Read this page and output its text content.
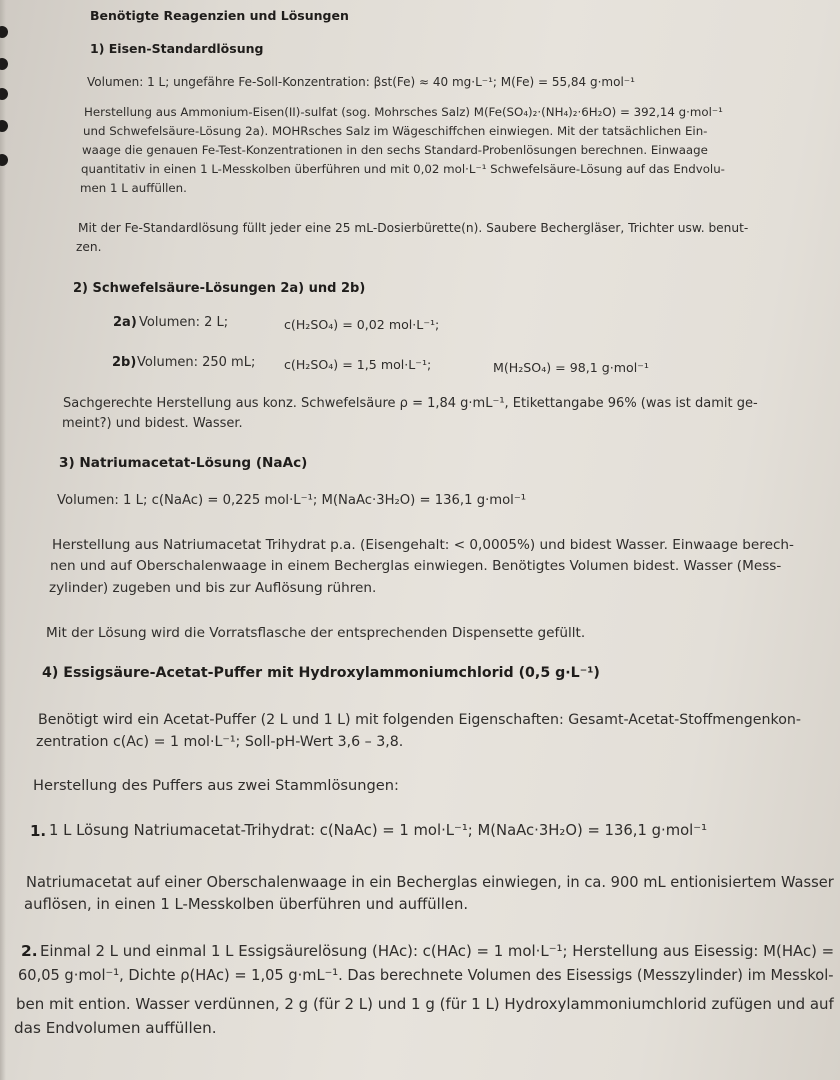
Benötigte Reagenzien und Lösungen
1) Eisen-Standardlösung
Volumen: 1 L; ungefähre Fe-Soll-Konzentration: βst(Fe) ≈ 40 mg·L⁻¹; M(Fe) = 55,84 g·mol⁻¹
Herstellung aus Ammonium-Eisen(II)-sulfat (sog. Mohrsches Salz) M(Fe(SO₄)₂·(NH₄)₂·6H₂O) = 392,14 g·mol⁻¹
und Schwefelsäure-Lösung 2a). MOHRsches Salz im Wägeschiffchen einwiegen. Mit der tatsächlichen Ein-
waage die genauen Fe-Test-Konzentrationen in den sechs Standard-Probenlösungen berechnen. Einwaage
quantitativ in einen 1 L-Messkolben überführen und mit 0,02 mol·L⁻¹ Schwefelsäure-Lösung auf das Endvolu-
men 1 L auffüllen.
Mit der Fe-Standardlösung füllt jeder eine 25 mL-Dosierbürette(n). Saubere Bechergläser, Trichter usw. benut-
zen.
2) Schwefelsäure-Lösungen 2a) und 2b)
2a) Volumen: 2 L;	c(H₂SO₄) = 0,02 mol·L⁻¹;
2b) Volumen: 250 mL; c(H₂SO₄) = 1,5 mol·L⁻¹;	M(H₂SO₄) = 98,1 g·mol⁻¹
Sachgerechte Herstellung aus konz. Schwefelsäure ρ = 1,84 g·mL⁻¹, Etikettangabe 96% (was ist damit ge-
meint?) und bidest. Wasser.
3) Natriumacetat-Lösung (NaAc)
Volumen: 1 L; c(NaAc) = 0,225 mol·L⁻¹; M(NaAc·3H₂O) = 136,1 g·mol⁻¹
Herstellung aus Natriumacetat Trihydrat p.a. (Eisengehalt: < 0,0005%) und bidest Wasser. Einwaage berech-
nen und auf Oberschalenwaage in einem Becherglas einwiegen. Benötigtes Volumen bidest. Wasser (Mess-
zylinder) zugeben und bis zur Auflösung rühren.
Mit der Lösung wird die Vorratsflasche der entsprechenden Dispensette gefüllt.
4) Essigsäure-Acetat-Puffer mit Hydroxylammoniumchlorid (0,5 g·L⁻¹)
Benötigt wird ein Acetat-Puffer (2 L und 1 L) mit folgenden Eigenschaften: Gesamt-Acetat-Stoffmengenkon-
zentration c(Ac) = 1 mol·L⁻¹; Soll-pH-Wert 3,6 – 3,8.
Herstellung des Puffers aus zwei Stammlösungen:
1. 1 L Lösung Natriumacetat-Trihydrat: c(NaAc) = 1 mol·L⁻¹; M(NaAc·3H₂O) = 136,1 g·mol⁻¹
Natriumacetat auf einer Oberschalenwaage in ein Becherglas einwiegen, in ca. 900 mL entionisiertem Wasser
auflösen, in einen 1 L-Messkolben überführen und auffüllen.
2. Einmal 2 L und einmal 1 L Essigsäurelösung (HAc): c(HAc) = 1 mol·L⁻¹; Herstellung aus Eisessig: M(HAc) =
60,05 g·mol⁻¹, Dichte ρ(HAc) = 1,05 g·mL⁻¹. Das berechnete Volumen des Eisessigs (Messzylinder) im Messkol-
ben mit ention. Wasser verdünnen, 2 g (für 2 L) und 1 g (für 1 L) Hydroxylammoniumchlorid zufügen und auf
das Endvolumen auffüllen.
